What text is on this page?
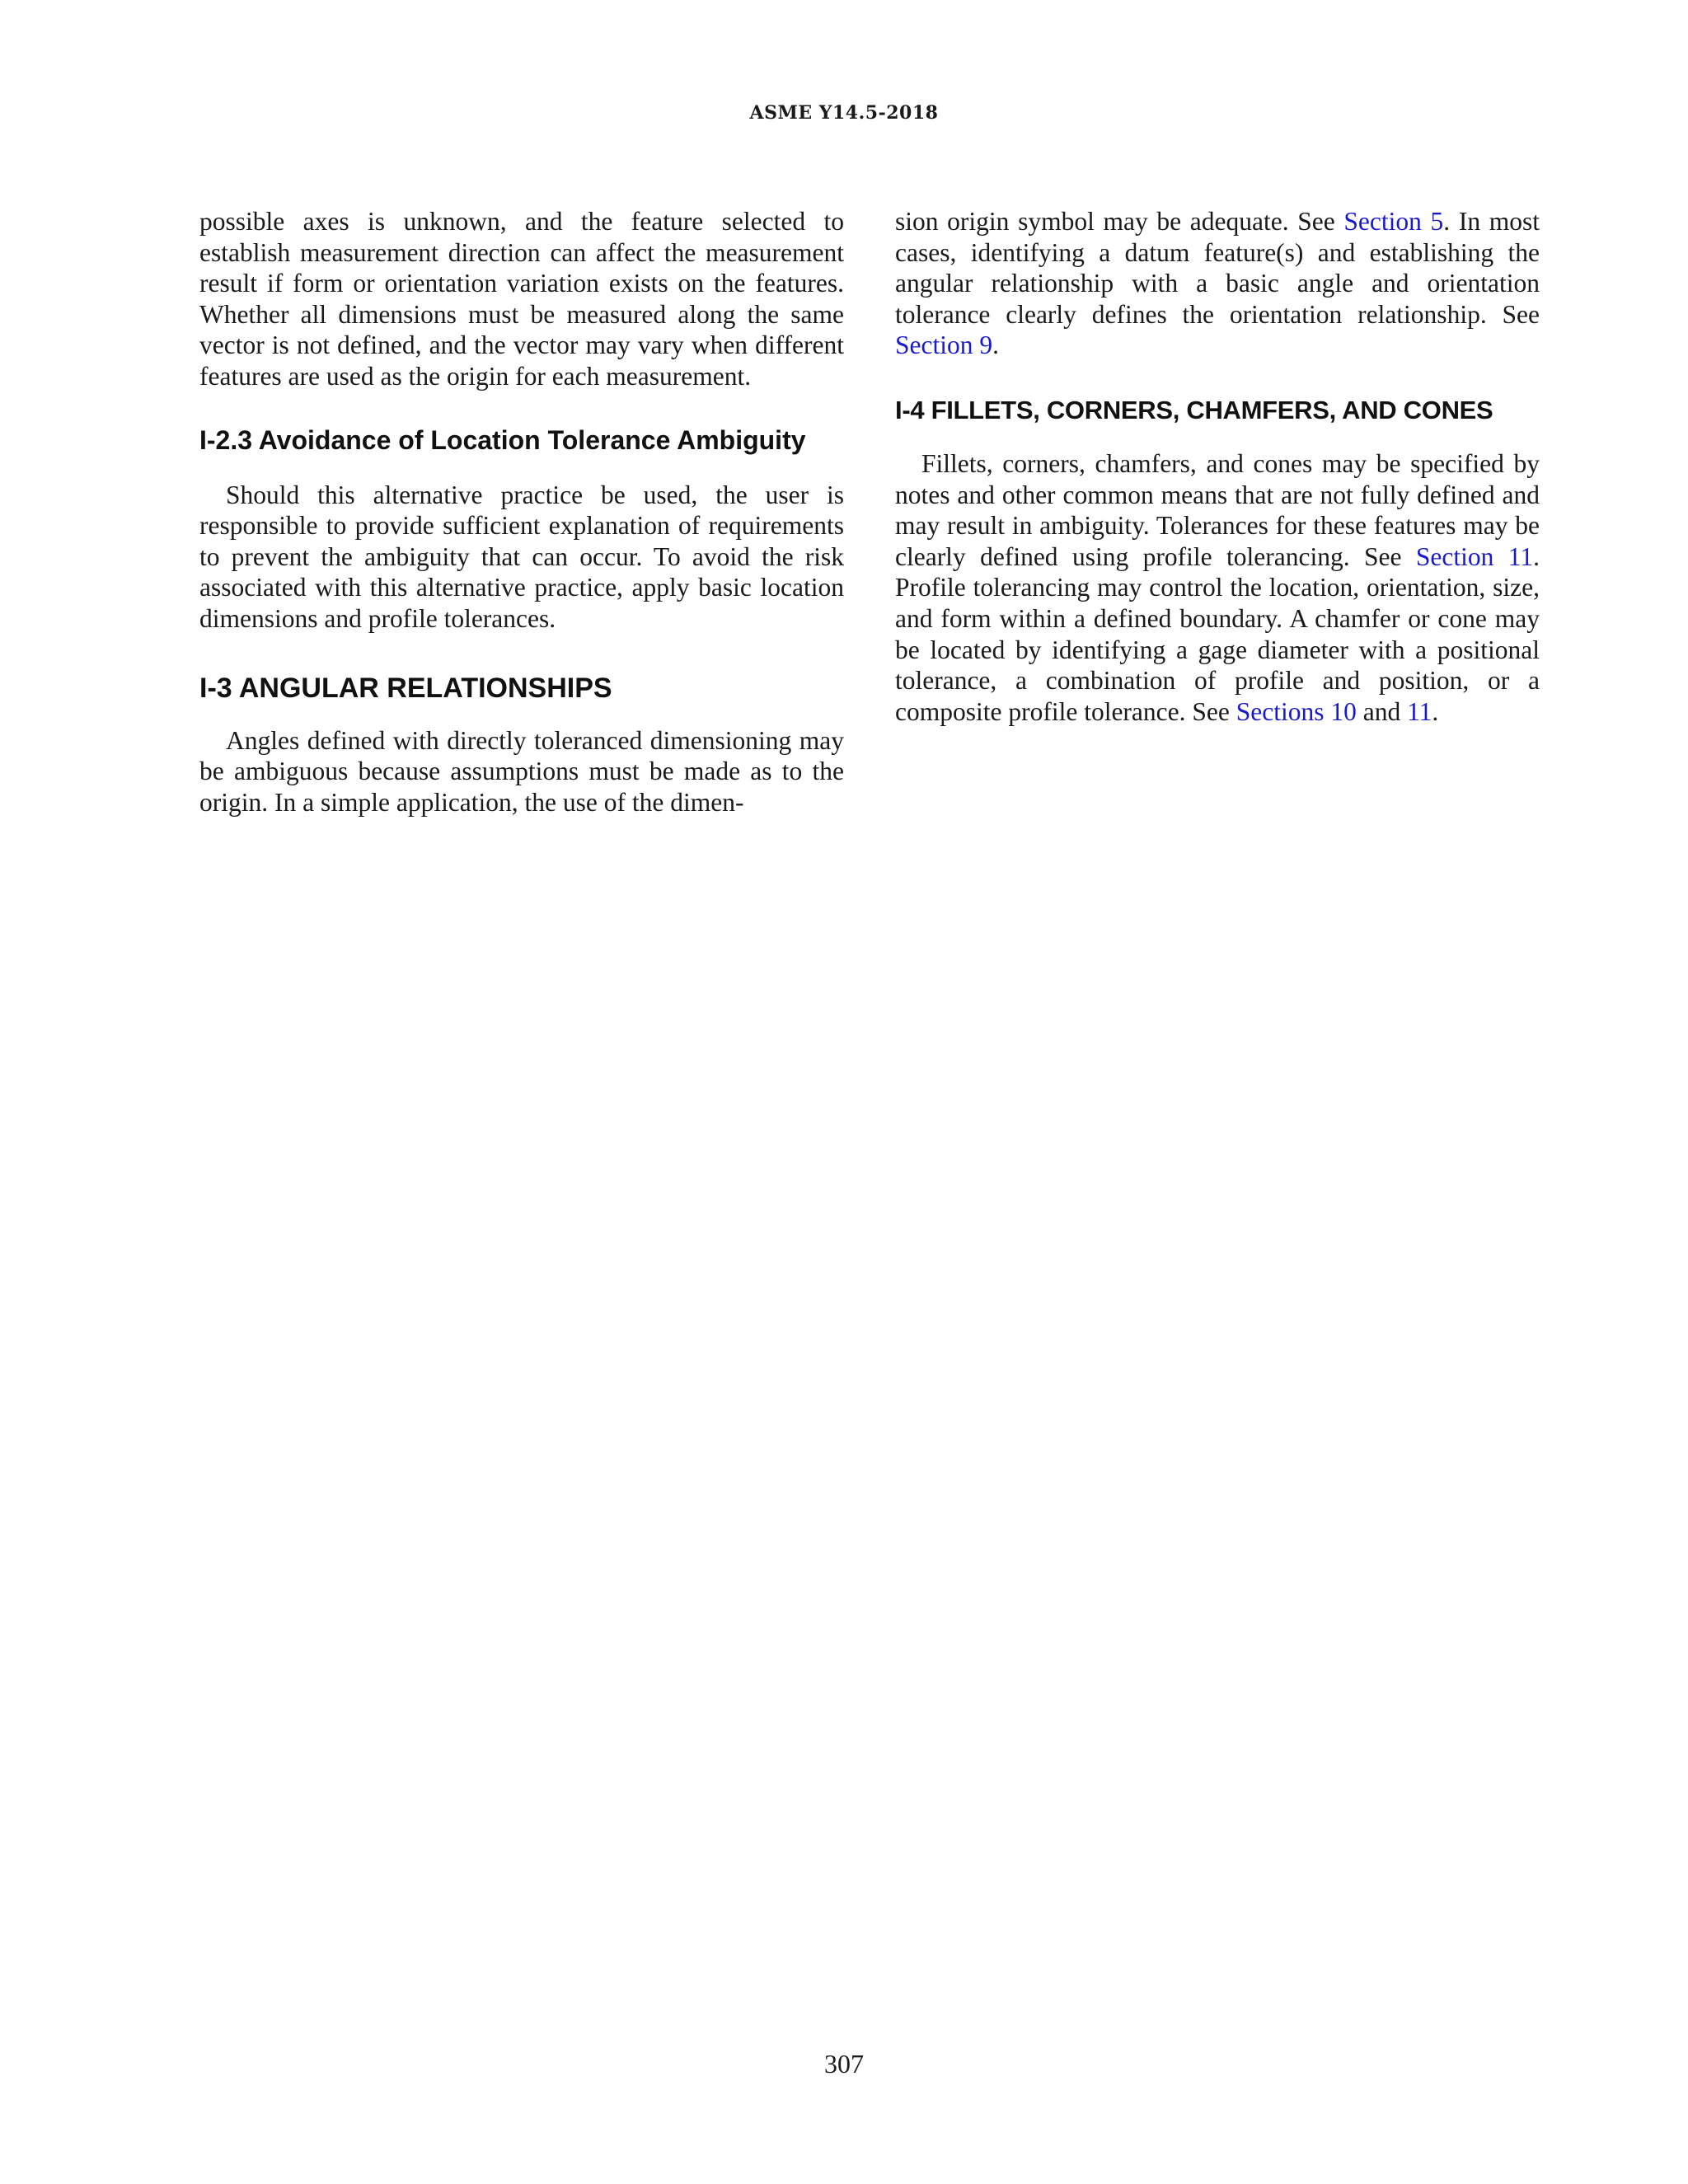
ASME Y14.5-2018

possible axes is unknown, and the feature selected to establish measurement direction can affect the measurement result if form or orientation variation exists on the features. Whether all dimensions must be measured along the same vector is not defined, and the vector may vary when different features are used as the origin for each measurement.

I-2.3 Avoidance of Location Tolerance Ambiguity

Should this alternative practice be used, the user is responsible to provide sufficient explanation of requirements to prevent the ambiguity that can occur. To avoid the risk associated with this alternative practice, apply basic location dimensions and profile tolerances.

I-3 ANGULAR RELATIONSHIPS

Angles defined with directly toleranced dimensioning may be ambiguous because assumptions must be made as to the origin. In a simple application, the use of the dimen-

sion origin symbol may be adequate. See Section 5. In most cases, identifying a datum feature(s) and establishing the angular relationship with a basic angle and orientation tolerance clearly defines the orientation relationship. See Section 9.

I-4 FILLETS, CORNERS, CHAMFERS, AND CONES

Fillets, corners, chamfers, and cones may be specified by notes and other common means that are not fully defined and may result in ambiguity. Tolerances for these features may be clearly defined using profile tolerancing. See Section 11. Profile tolerancing may control the location, orientation, size, and form within a defined boundary. A chamfer or cone may be located by identifying a gage diameter with a positional tolerance, a combination of profile and position, or a composite profile tolerance. See Sections 10 and 11.

307
